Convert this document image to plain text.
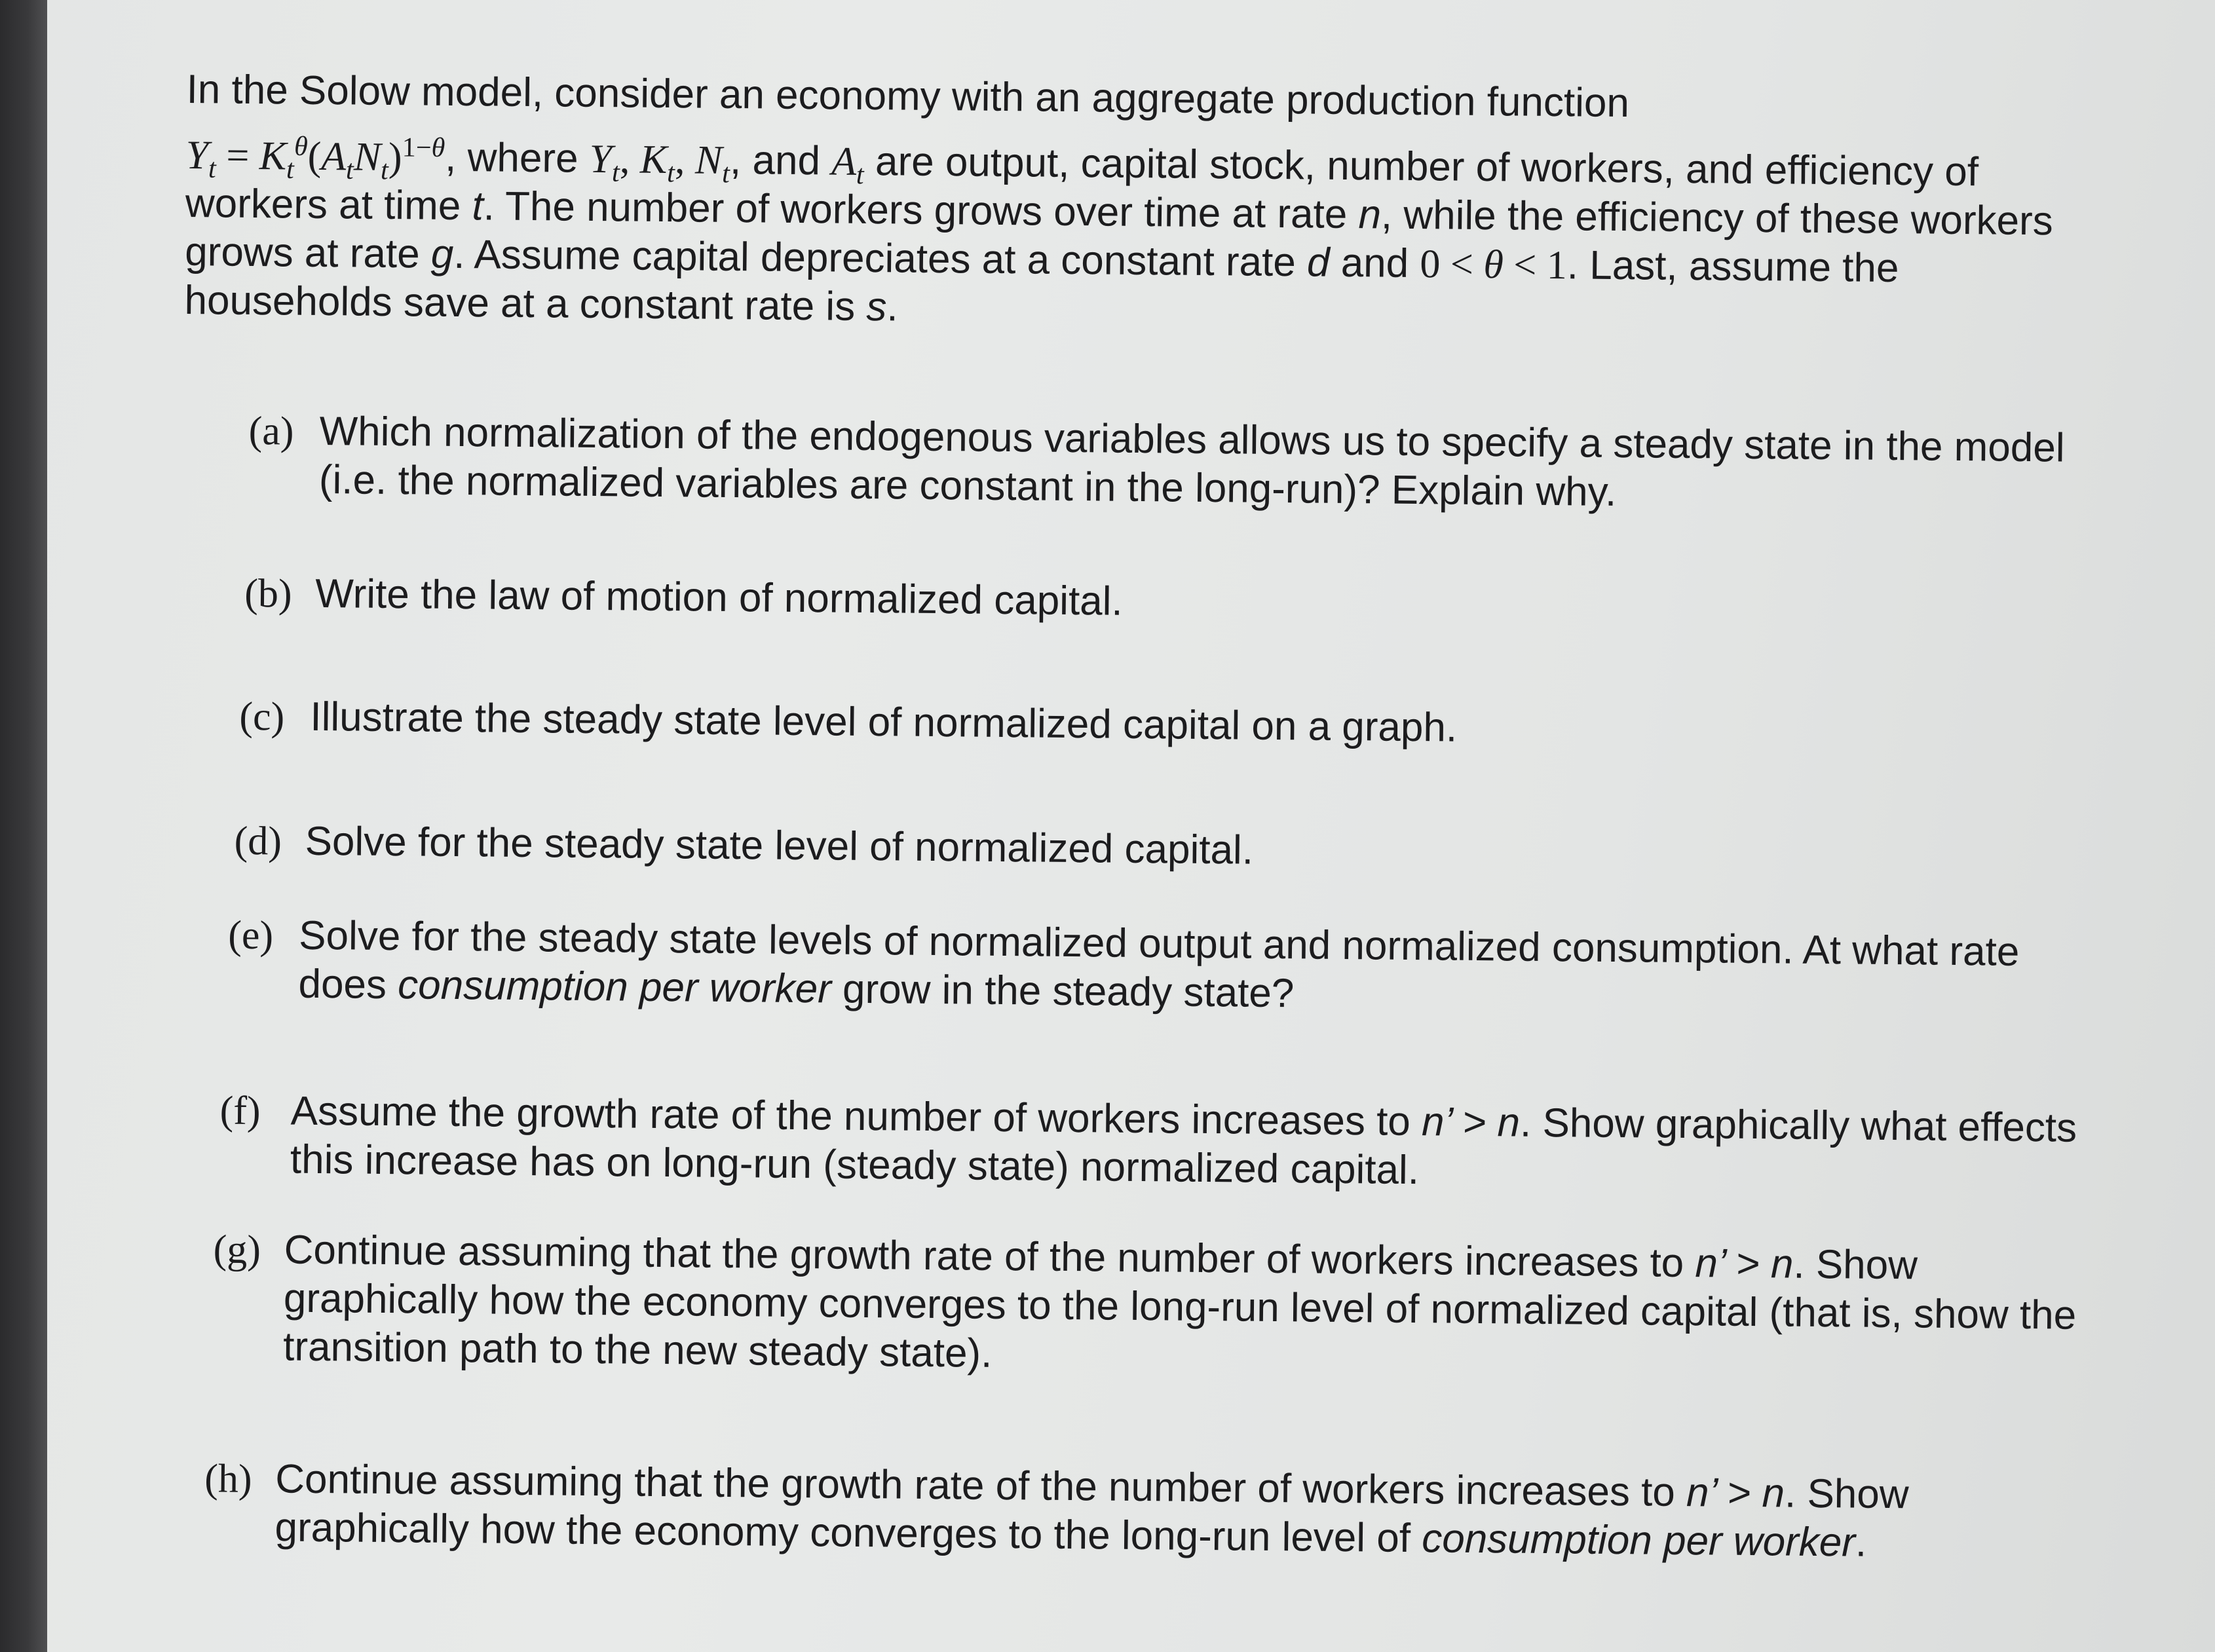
In the Solow model, consider an economy with an aggregate production function
$Y_t = K_t^\theta(A_tN_t)^{1-\theta}$, where $Y_t$, $K_t$, $N_t$, and $A_t$ are output, capital stock, number of workers, and efficiency of
workers at time t. The number of workers grows over time at rate n, while the efficiency of these workers
grows at rate g. Assume capital depreciates at a constant rate d and 0 < θ < 1. Last, assume the
households save at a constant rate is s.
(a) Which normalization of the endogenous variables allows us to specify a steady state in the model
(i.e. the normalized variables are constant in the long-run)? Explain why.
(b) Write the law of motion of normalized capital.
(c) Illustrate the steady state level of normalized capital on a graph.
(d) Solve for the steady state level of normalized capital.
(e) Solve for the steady state levels of normalized output and normalized consumption. At what rate
does consumption per worker grow in the steady state?
(f) Assume the growth rate of the number of workers increases to n’ > n. Show graphically what effects
this increase has on long-run (steady state) normalized capital.
(g) Continue assuming that the growth rate of the number of workers increases to n’ > n. Show
graphically how the economy converges to the long-run level of normalized capital (that is, show the
transition path to the new steady state).
(h) Continue assuming that the growth rate of the number of workers increases to n’ > n. Show
graphically how the economy converges to the long-run level of consumption per worker.
